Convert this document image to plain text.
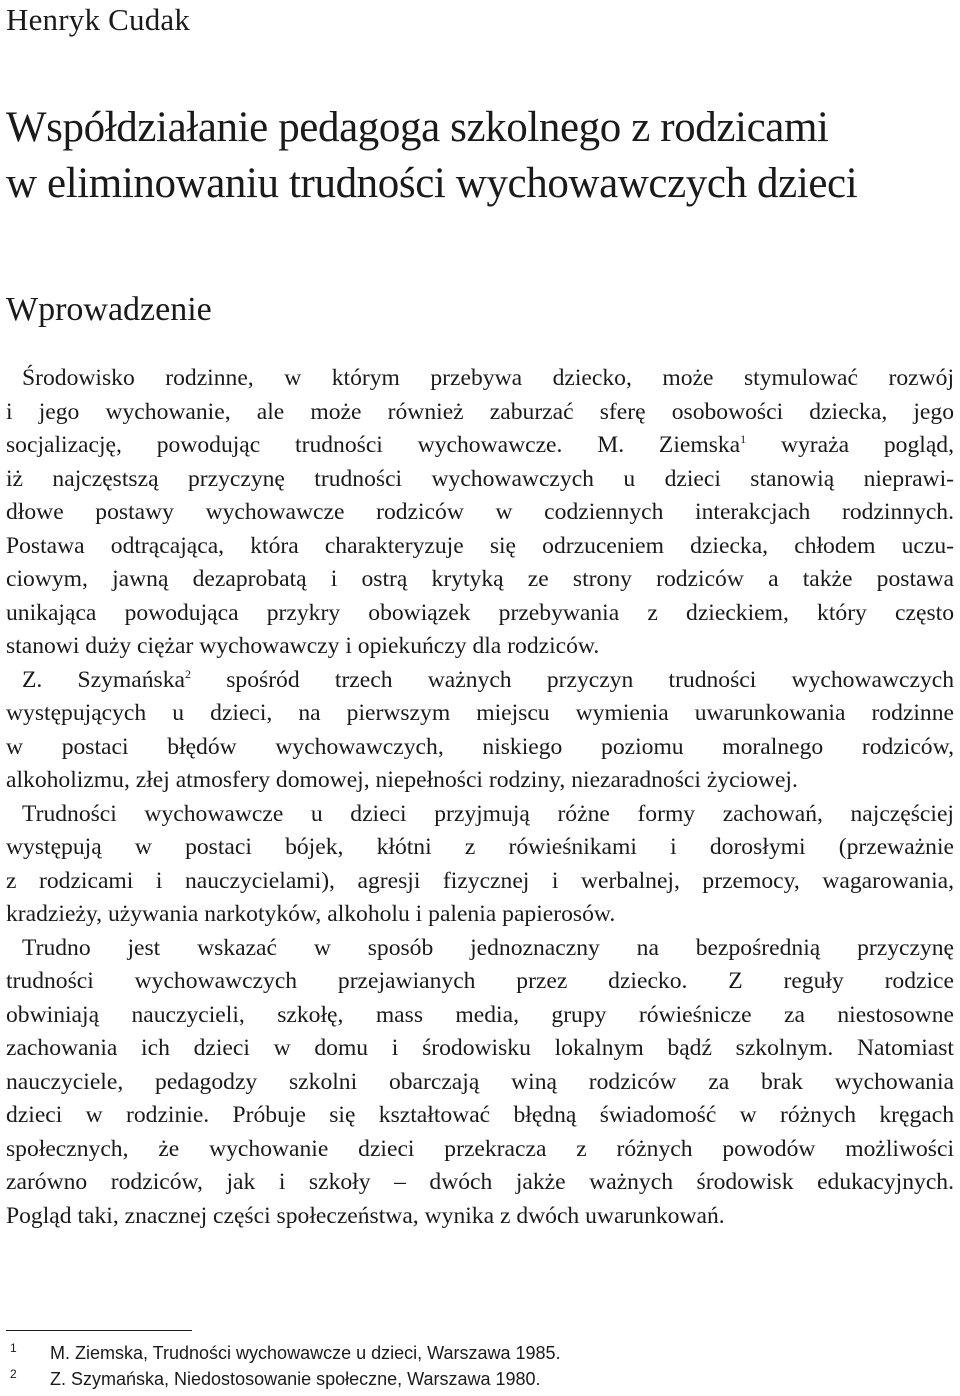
Henryk Cudak
Współdziałanie pedagoga szkolnego z rodzicami
w eliminowaniu trudności wychowawczych dzieci
Wprowadzenie
Środowisko rodzinne, w którym przebywa dziecko, może stymulować rozwój
i jego wychowanie, ale może również zaburzać sferę osobowości dziecka, jego
socjalizację, powodując trudności wychowawcze. M. Ziemska$^1$ wyraża pogląd,
iż najczęstszą przyczynę trudności wychowawczych u dzieci stanowią nieprawi-
dłowe postawy wychowawcze rodziców w codziennych interakcjach rodzinnych.
Postawa odtrącająca, która charakteryzuje się odrzuceniem dziecka, chłodem uczu-
ciowym, jawną dezaprobatą i ostrą krytyką ze strony rodziców a także postawa
unikająca powodująca przykry obowiązek przebywania z dzieckiem, który często
stanowi duży ciężar wychowawczy i opiekuńczy dla rodziców.
Z. Szymańska$^2$ spośród trzech ważnych przyczyn trudności wychowawczych
występujących u dzieci, na pierwszym miejscu wymienia uwarunkowania rodzinne
w postaci błędów wychowawczych, niskiego poziomu moralnego rodziców,
alkoholizmu, złej atmosfery domowej, niepełności rodziny, niezaradności życiowej.
Trudności wychowawcze u dzieci przyjmują różne formy zachowań, najczęściej
występują w postaci bójek, kłótni z rówieśnikami i dorosłymi (przeważnie
z rodzicami i nauczycielami), agresji fizycznej i werbalnej, przemocy, wagarowania,
kradzieży, używania narkotyków, alkoholu i palenia papierosów.
Trudno jest wskazać w sposób jednoznaczny na bezpośrednią przyczynę
trudności wychowawczych przejawianych przez dziecko. Z reguły rodzice
obwiniają nauczycieli, szkołę, mass media, grupy rówieśnicze za niestosowne
zachowania ich dzieci w domu i środowisku lokalnym bądź szkolnym. Natomiast
nauczyciele, pedagodzy szkolni obarczają winą rodziców za brak wychowania
dzieci w rodzinie. Próbuje się kształtować błędną świadomość w różnych kręgach
społecznych, że wychowanie dzieci przekracza z różnych powodów możliwości
zarówno rodziców, jak i szkoły – dwóch jakże ważnych środowisk edukacyjnych.
Pogląd taki, znacznej części społeczeństwa, wynika z dwóch uwarunkowań.
1 M. Ziemska, Trudności wychowawcze u dzieci, Warszawa 1985.
2 Z. Szymańska, Niedostosowanie społeczne, Warszawa 1980.
